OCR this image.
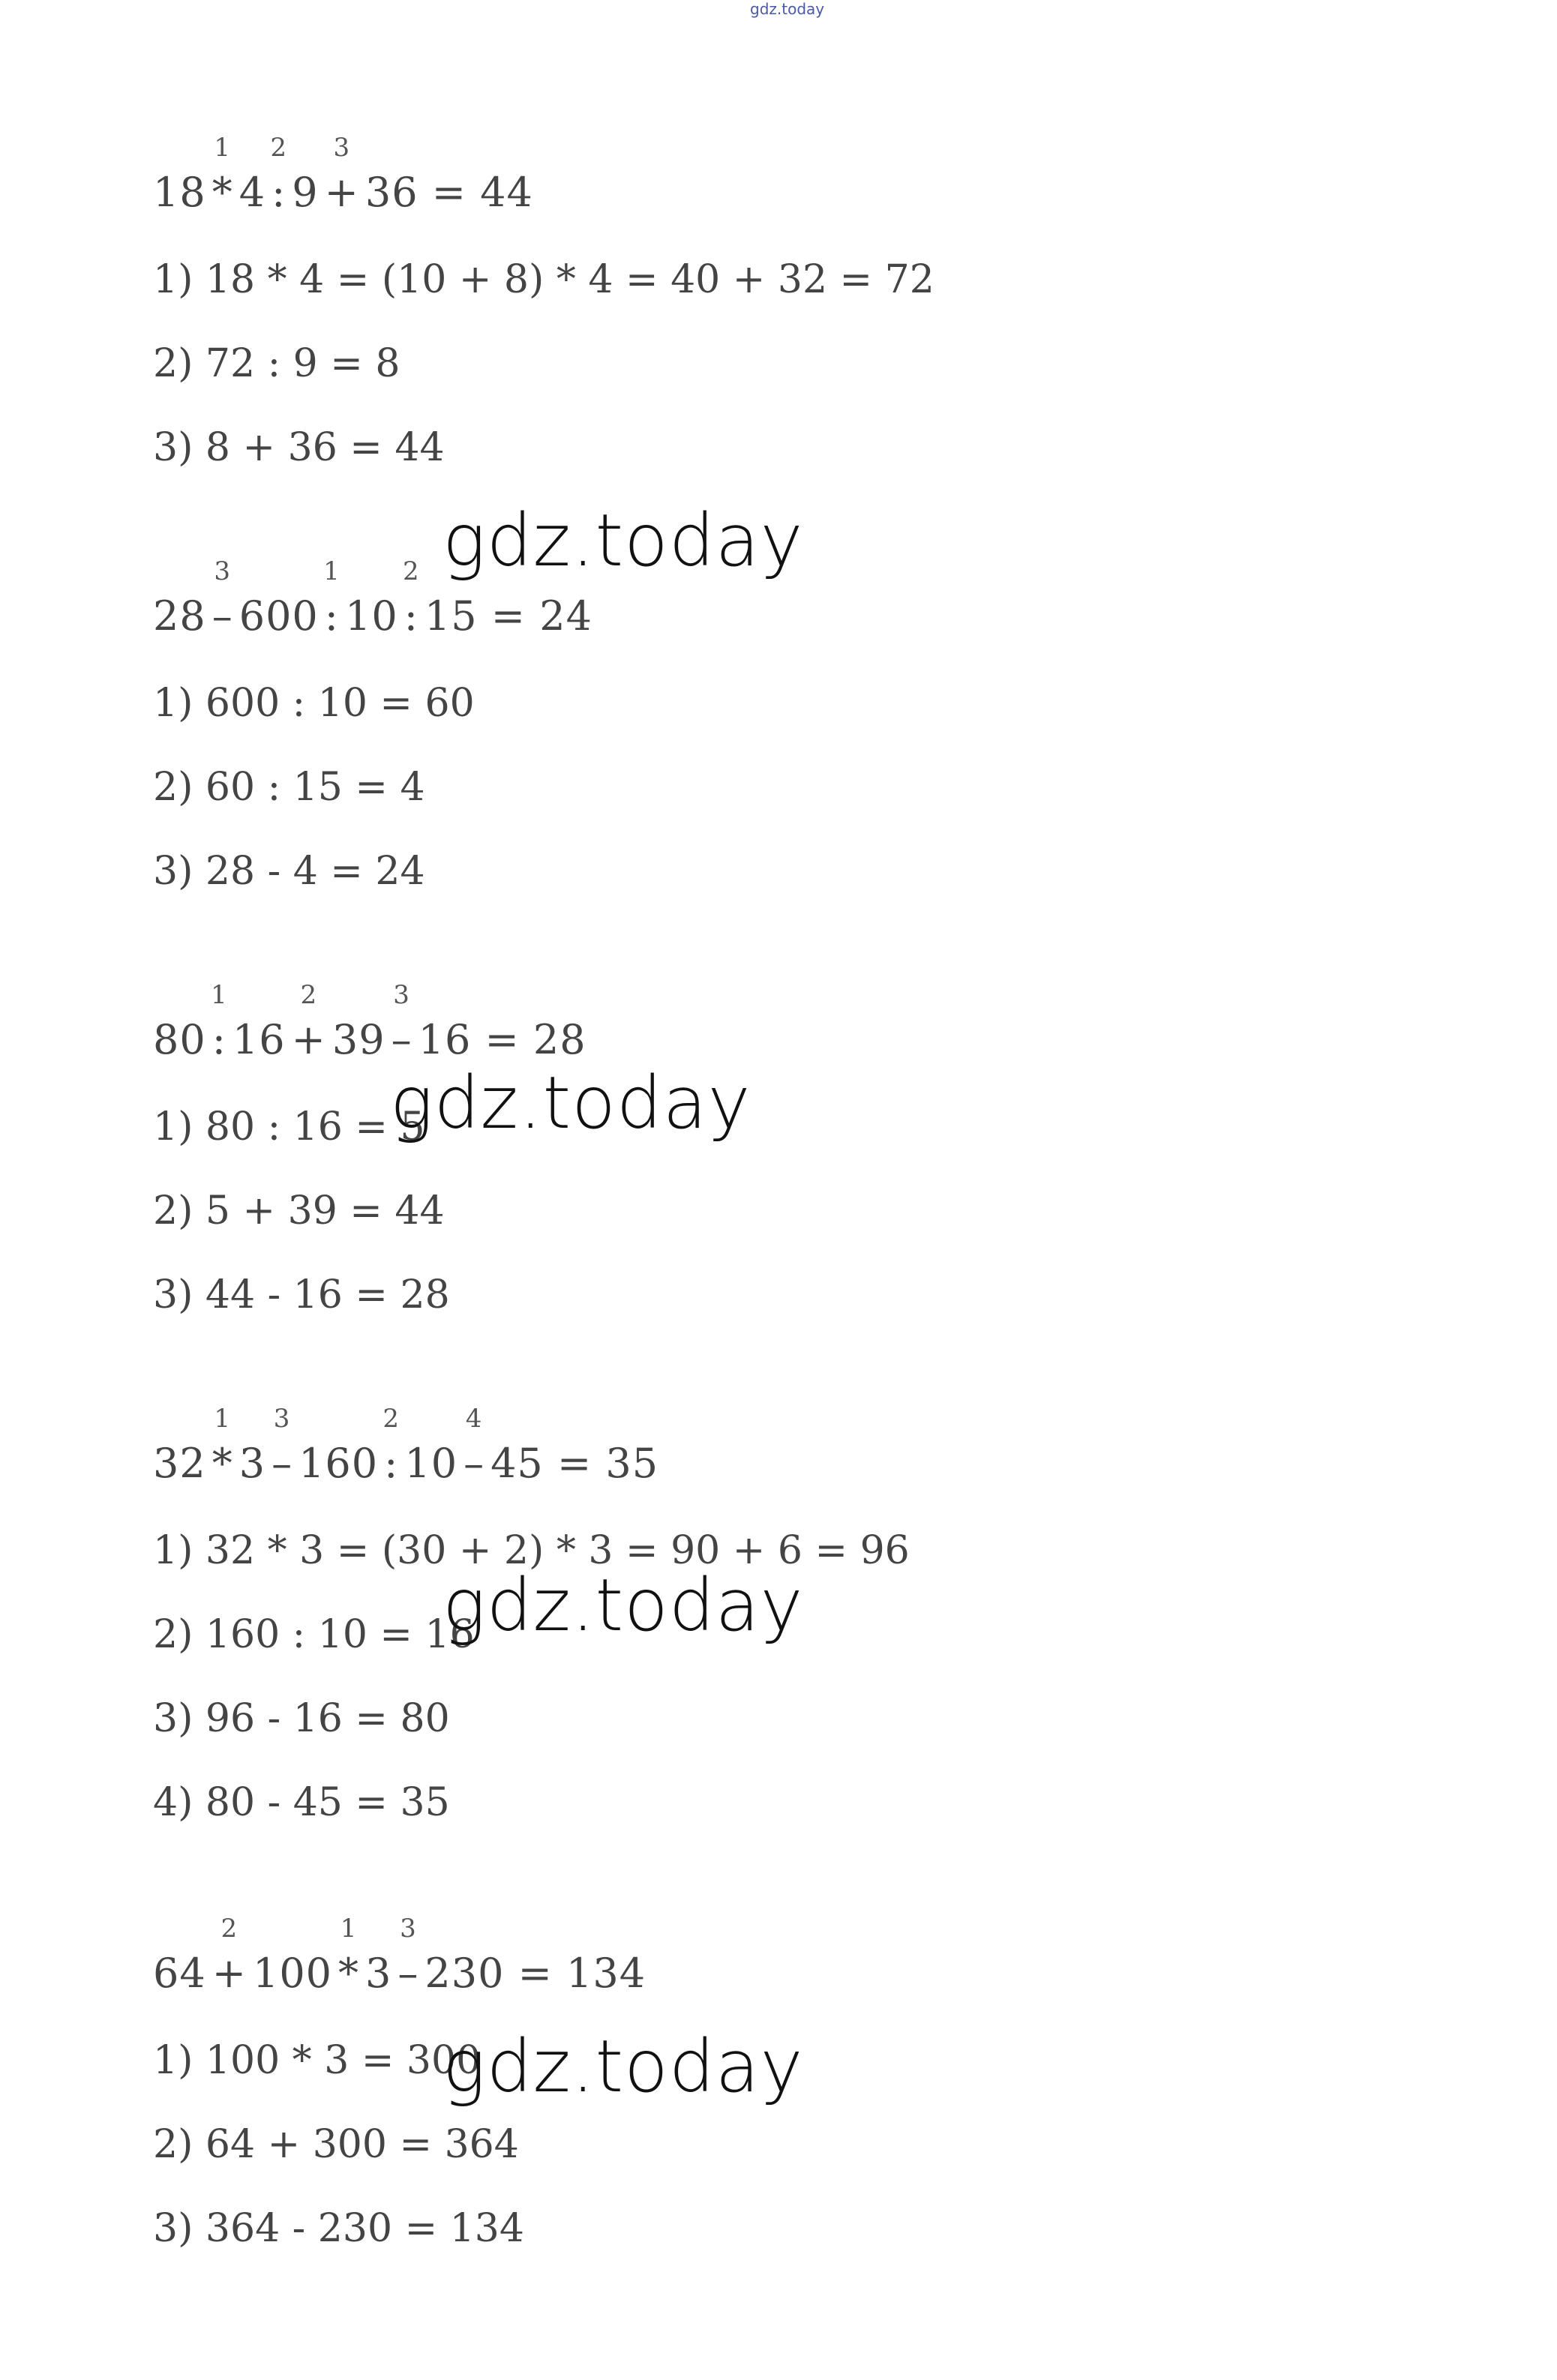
gdz.today
18 *
1
4 :
2
9 +
3
36 = 44
1) 18 * 4 = (10 + 8) * 4 = 40 + 32 = 72
2) 72 : 9 = 8
3) 8 + 36 = 44
28 –
3
600 :
1
10 :
2
15 = 24
1) 600 : 10 = 60
2) 60 : 15 = 4
3) 28 - 4 = 24
80 :
1
16 +
2
39 –
3
16 = 28
1) 80 : 16 = 5
2) 5 + 39 = 44
3) 44 - 16 = 28
32 *
1
3 –
3
160 :
2
10 –
4
45 = 35
1) 32 * 3 = (30 + 2) * 3 = 90 + 6 = 96
2) 160 : 10 = 16
3) 96 - 16 = 80
4) 80 - 45 = 35
64 +
2
100 *
1
3 –
3
230 = 134
1) 100 * 3 = 300
2) 64 + 300 = 364
3) 364 - 230 = 134
gdz.today
gdz.today
gdz.today
gdz.today
